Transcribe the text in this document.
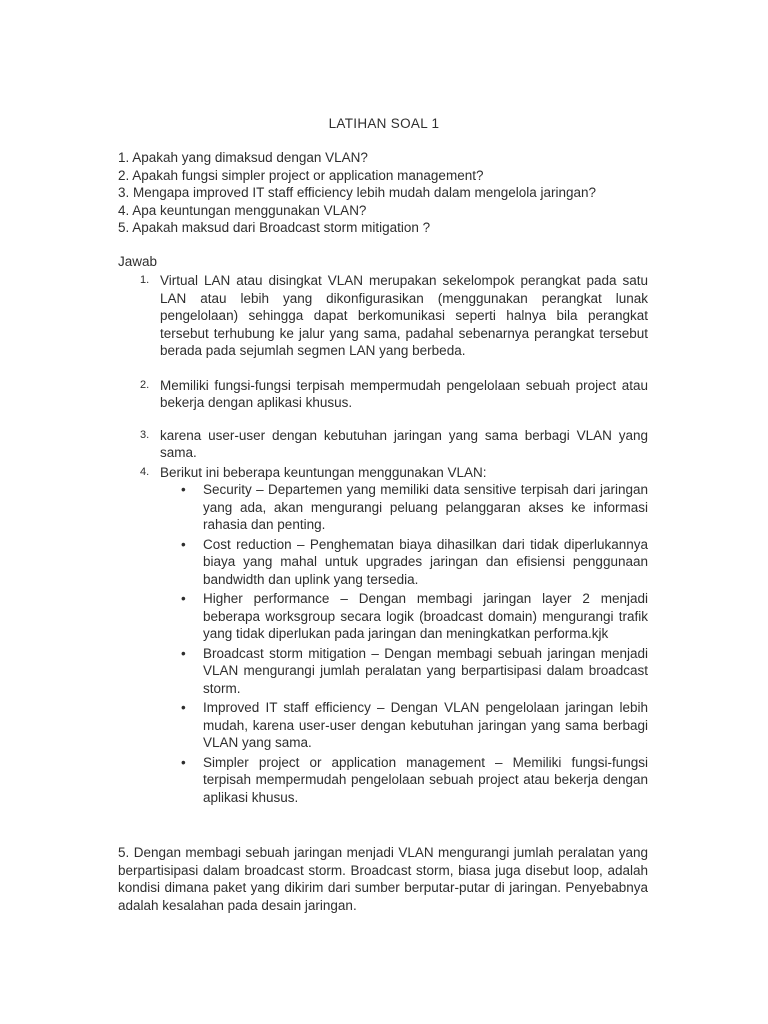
LATIHAN SOAL 1
1. Apakah yang dimaksud dengan VLAN?
2. Apakah fungsi simpler project or application management?
3. Mengapa improved IT staff efficiency lebih mudah dalam mengelola jaringan?
4. Apa keuntungan menggunakan VLAN?
5. Apakah maksud dari Broadcast storm mitigation ?
Jawab
1. Virtual LAN atau disingkat VLAN merupakan sekelompok perangkat pada satu LAN atau lebih yang dikonfigurasikan (menggunakan perangkat lunak pengelolaan) sehingga dapat berkomunikasi seperti halnya bila perangkat tersebut terhubung ke jalur yang sama, padahal sebenarnya perangkat tersebut berada pada sejumlah segmen LAN yang berbeda.
2. Memiliki fungsi-fungsi terpisah mempermudah pengelolaan sebuah project atau bekerja dengan aplikasi khusus.
3. karena user-user dengan kebutuhan jaringan yang sama berbagi VLAN yang sama.
4. Berikut ini beberapa keuntungan menggunakan VLAN:
• Security – Departemen yang memiliki data sensitive terpisah dari jaringan yang ada, akan mengurangi peluang pelanggaran akses ke informasi rahasia dan penting.
• Cost reduction – Penghematan biaya dihasilkan dari tidak diperlukannya biaya yang mahal untuk upgrades jaringan dan efisiensi penggunaan bandwidth dan uplink yang tersedia.
• Higher performance – Dengan membagi jaringan layer 2 menjadi beberapa worksgroup secara logik (broadcast domain) mengurangi trafik yang tidak diperlukan pada jaringan dan meningkatkan performa.kjk
• Broadcast storm mitigation – Dengan membagi sebuah jaringan menjadi VLAN mengurangi jumlah peralatan yang berpartisipasi dalam broadcast storm.
• Improved IT staff efficiency – Dengan VLAN pengelolaan jaringan lebih mudah, karena user-user dengan kebutuhan jaringan yang sama berbagi VLAN yang sama.
• Simpler project or application management – Memiliki fungsi-fungsi terpisah mempermudah pengelolaan sebuah project atau bekerja dengan aplikasi khusus.
5. Dengan membagi sebuah jaringan menjadi VLAN mengurangi jumlah peralatan yang berpartisipasi dalam broadcast storm. Broadcast storm, biasa juga disebut loop, adalah kondisi dimana paket yang dikirim dari sumber berputar-putar di jaringan. Penyebabnya adalah kesalahan pada desain jaringan.
